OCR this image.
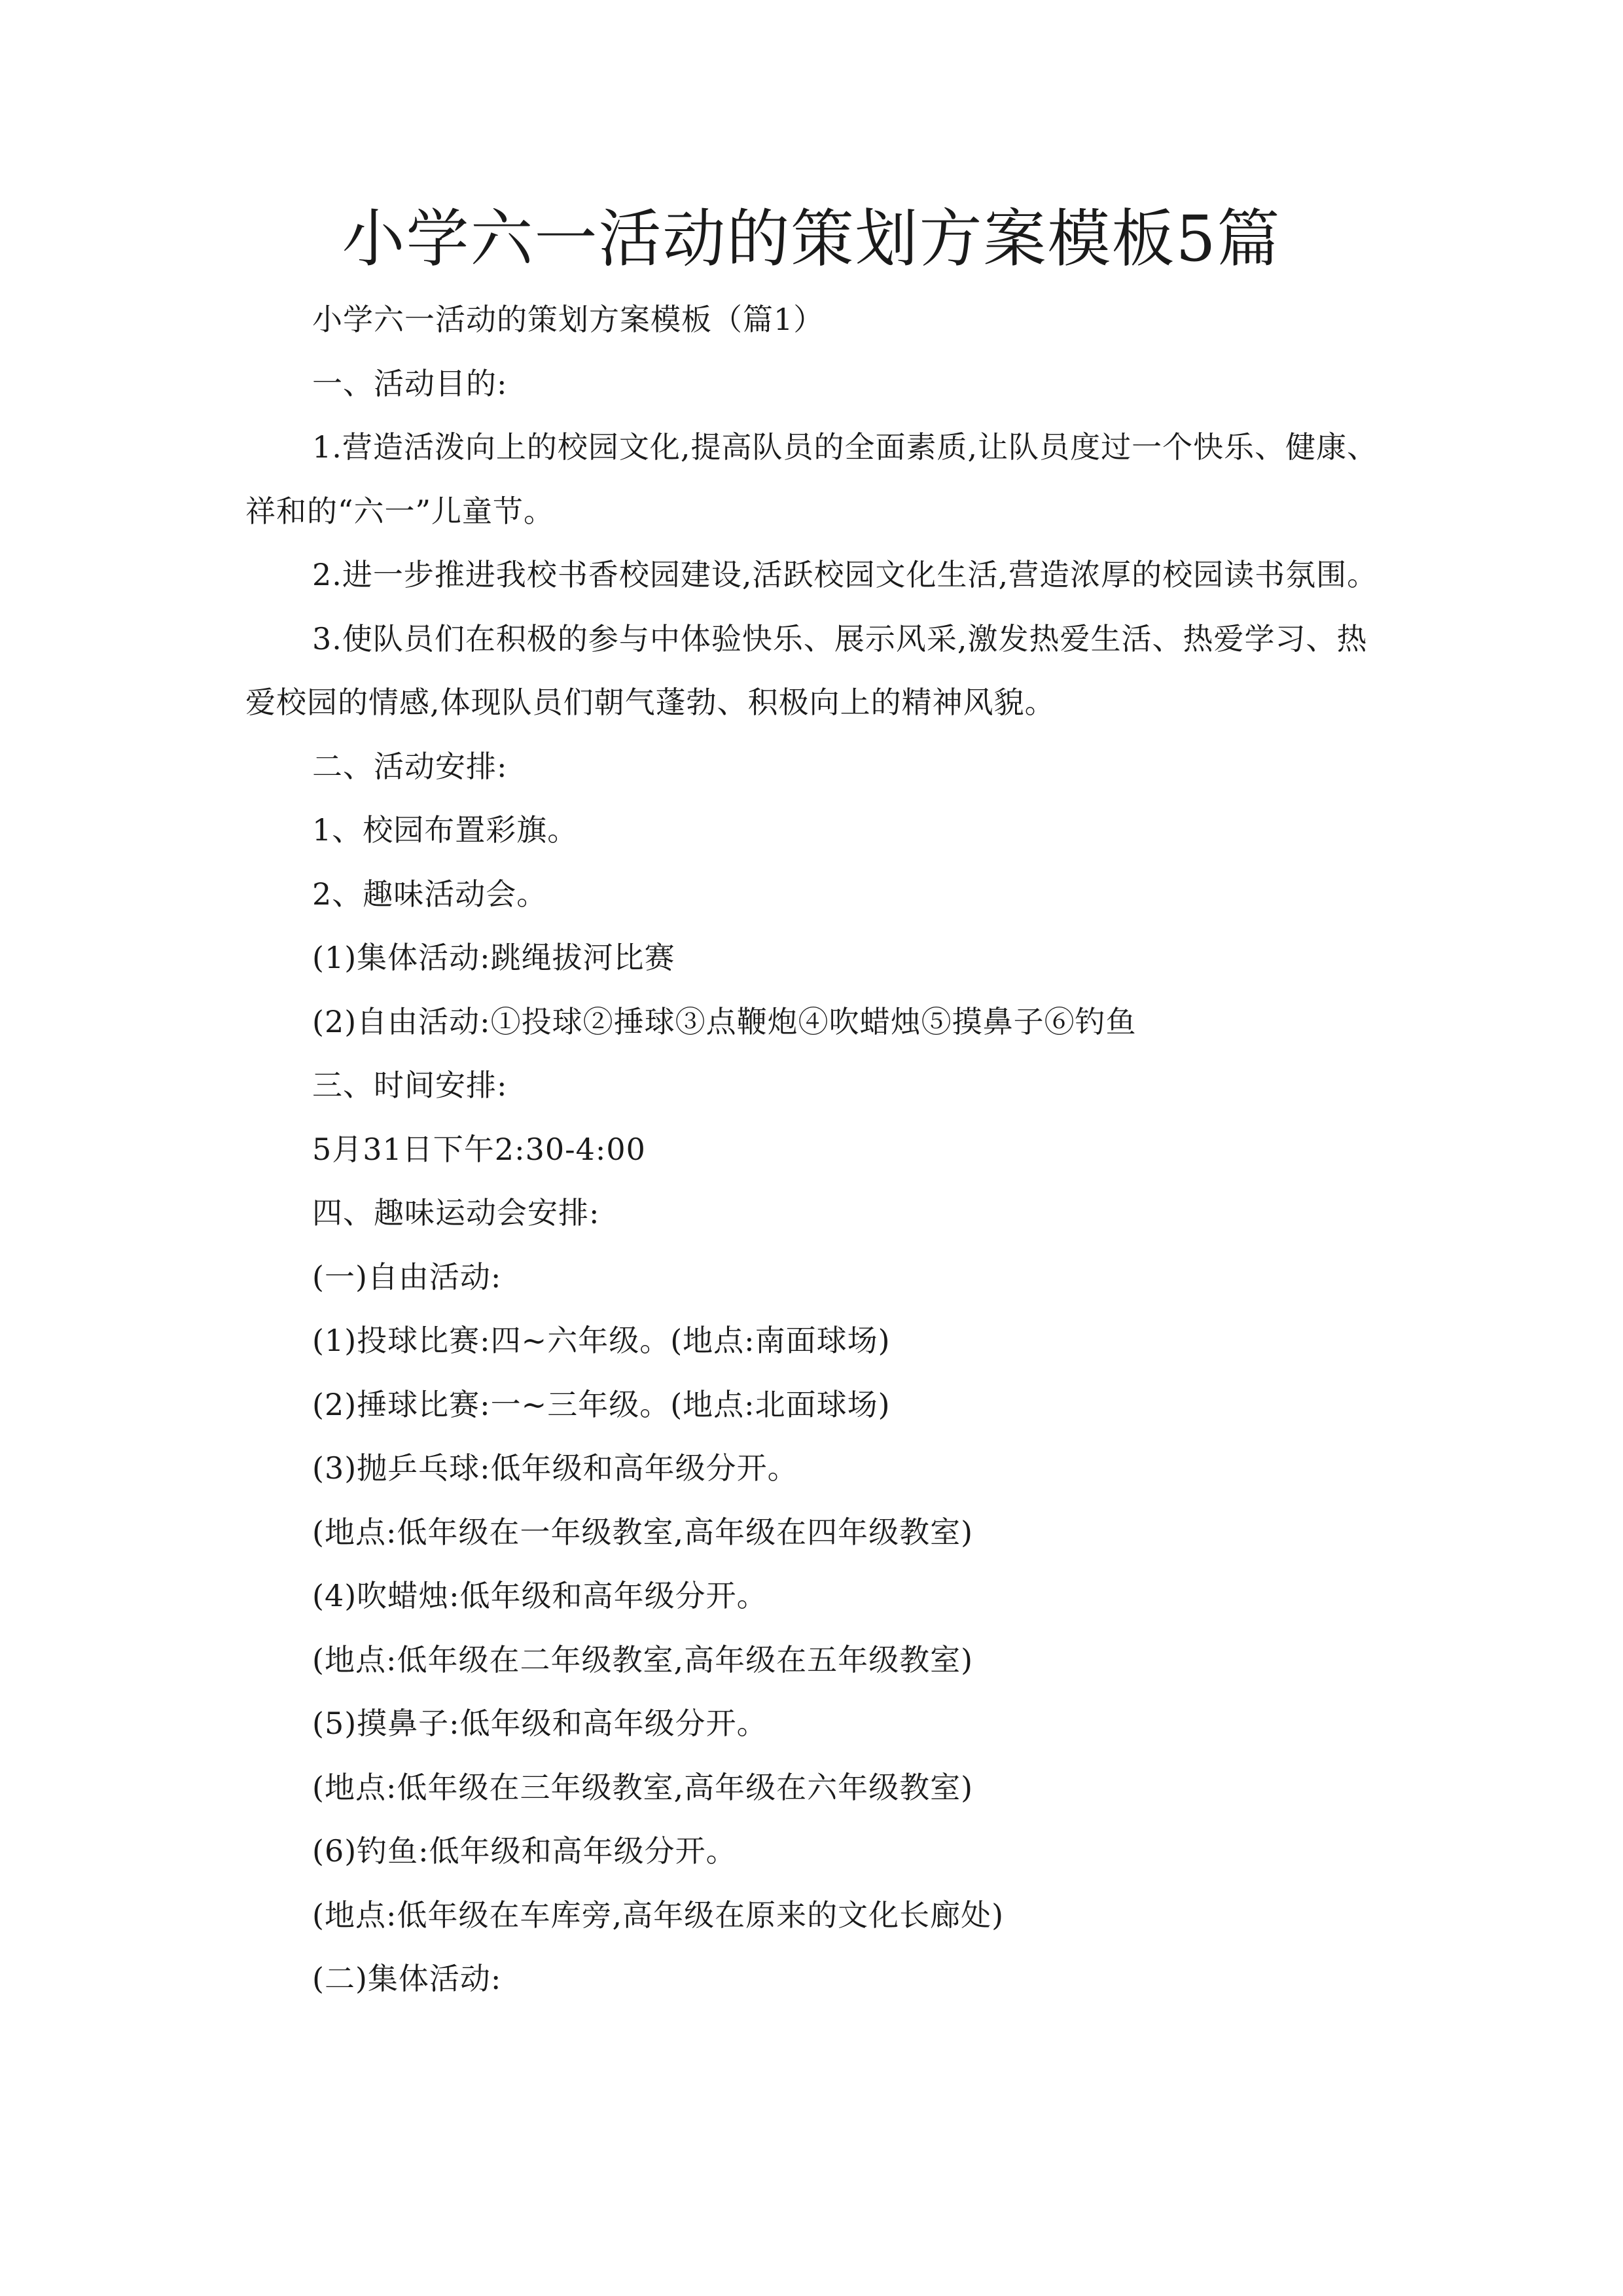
小学六一活动的策划方案模板5篇

小学六一活动的策划方案模板（篇1）

一、活动目的:

1.营造活泼向上的校园文化,提高队员的全面素质,让队员度过一个快乐、健康、祥和的“六一”儿童节。

2.进一步推进我校书香校园建设,活跃校园文化生活,营造浓厚的校园读书氛围。

3.使队员们在积极的参与中体验快乐、展示风采,激发热爱生活、热爱学习、热爱校园的情感,体现队员们朝气蓬勃、积极向上的精神风貌。

二、活动安排:

1、校园布置彩旗。

2、趣味活动会。

(1)集体活动:跳绳拔河比赛

(2)自由活动:①投球②捶球③点鞭炮④吹蜡烛⑤摸鼻子⑥钓鱼

三、时间安排:

5月31日下午2:30-4:00

四、趣味运动会安排:

(一)自由活动:

(1)投球比赛:四~六年级。(地点:南面球场)

(2)捶球比赛:一~三年级。(地点:北面球场)

(3)抛乒乓球:低年级和高年级分开。

(地点:低年级在一年级教室,高年级在四年级教室)

(4)吹蜡烛:低年级和高年级分开。

(地点:低年级在二年级教室,高年级在五年级教室)

(5)摸鼻子:低年级和高年级分开。

(地点:低年级在三年级教室,高年级在六年级教室)

(6)钓鱼:低年级和高年级分开。

(地点:低年级在车库旁,高年级在原来的文化长廊处)

(二)集体活动:
